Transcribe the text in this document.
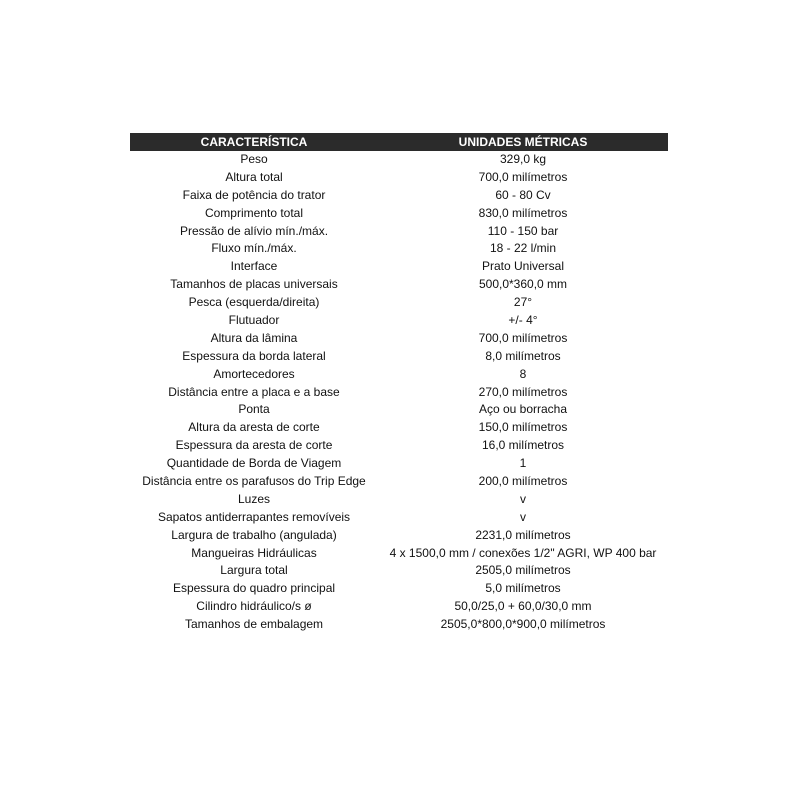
CARACTERÍSTICA	UNIDADES MÉTRICAS
Peso	329,0 kg
Altura total	700,0 milímetros
Faixa de potência do trator	60 - 80 Cv
Comprimento total	830,0 milímetros
Pressão de alívio mín./máx.	110 - 150 bar
Fluxo mín./máx.	18 - 22 l/min
Interface	Prato Universal
Tamanhos de placas universais	500,0*360,0 mm
Pesca (esquerda/direita)	27°
Flutuador	+/- 4°
Altura da lâmina	700,0 milímetros
Espessura da borda lateral	8,0 milímetros
Amortecedores	8
Distância entre a placa e a base	270,0 milímetros
Ponta	Aço ou borracha
Altura da aresta de corte	150,0 milímetros
Espessura da aresta de corte	16,0 milímetros
Quantidade de Borda de Viagem	1
Distância entre os parafusos do Trip Edge	200,0 milímetros
Luzes	v
Sapatos antiderrapantes removíveis	v
Largura de trabalho (angulada)	2231,0 milímetros
Mangueiras Hidráulicas	4 x 1500,0 mm / conexões 1/2" AGRI, WP 400 bar
Largura total	2505,0 milímetros
Espessura do quadro principal	5,0 milímetros
Cilindro hidráulico/s ø	50,0/25,0 + 60,0/30,0 mm
Tamanhos de embalagem	2505,0*800,0*900,0 milímetros
